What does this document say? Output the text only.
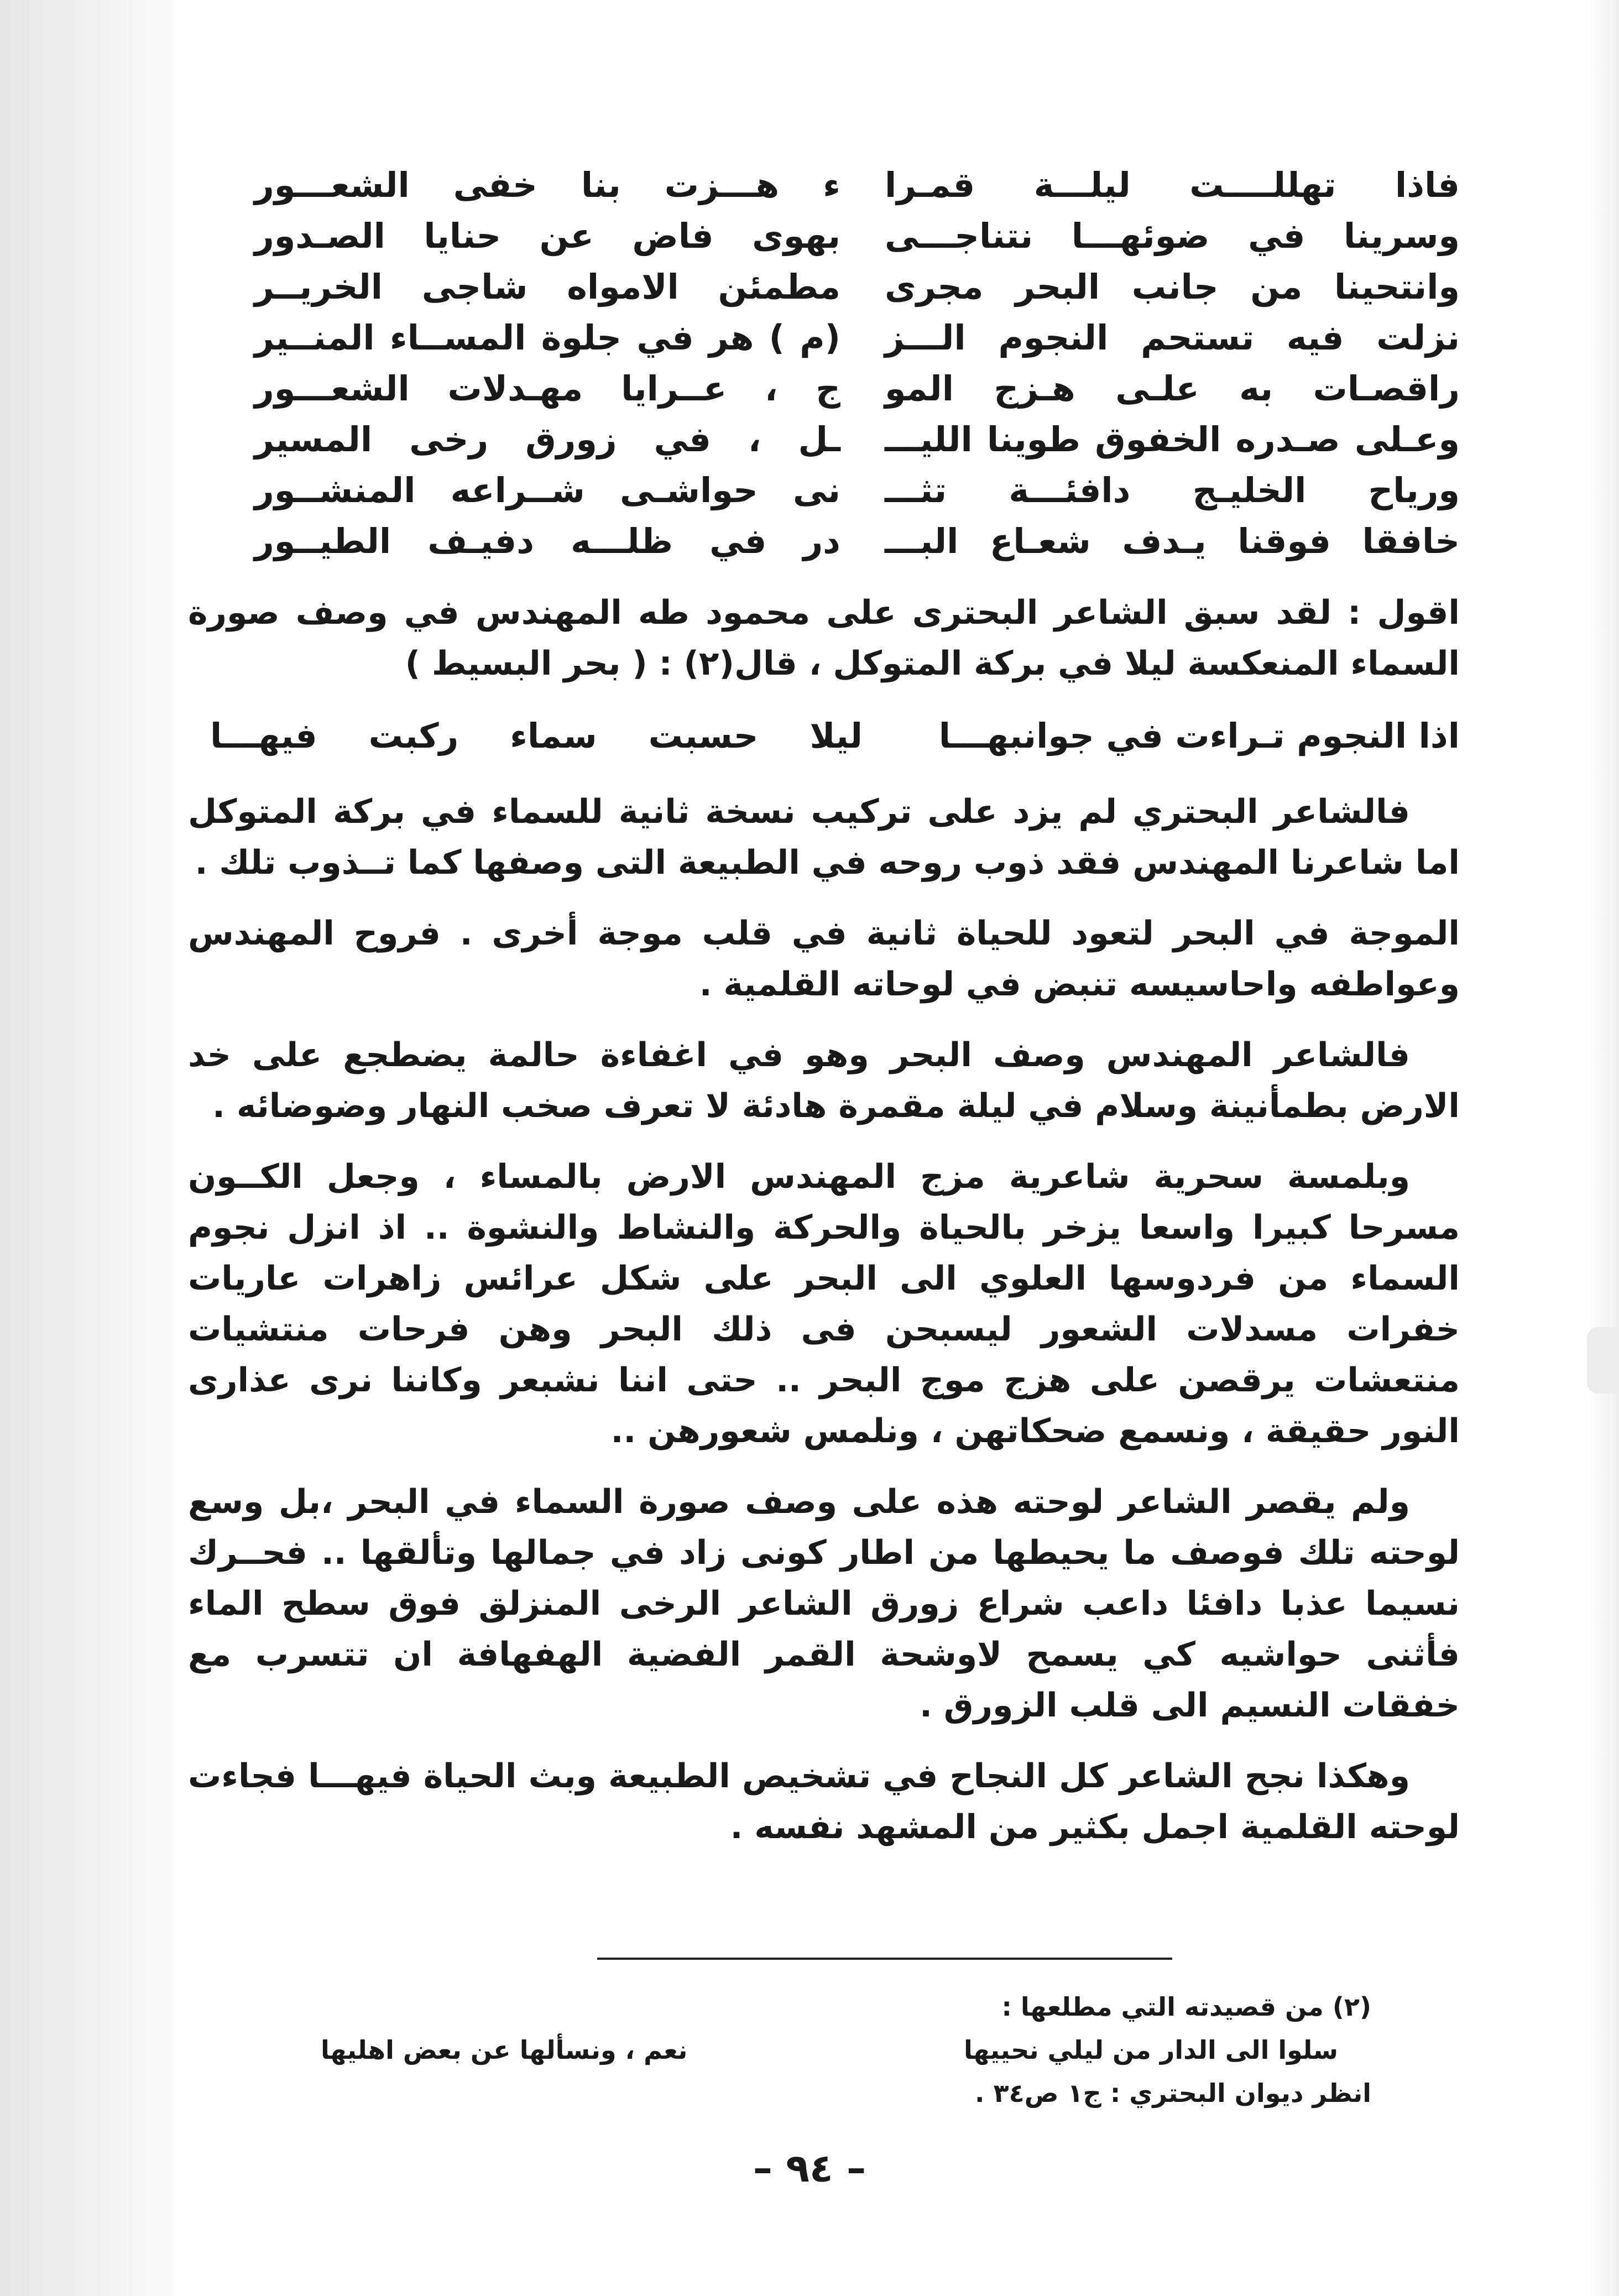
فاذا تهللــــت ليلـــة قمـرا
ء هـــزت بنا خفى الشعـــور
وسرينا في ضوئهـــا نتناجـــى
بهوى فاض عن حنايا الصـدور
وانتحينا من جانب البحر مجرى
مطمئن الامواه شاجى الخريــر
نزلت فيه تستحم النجوم الـــز
(م ) هر في جلوة المســاء المنــير
راقصـات به علـى هـزج المو
ج ، عــرايا مهـدلات الشعـــور
وعـلى صـدره الخفوق طوينا الليـــ
ـل ، في زورق رخى المسير
ورياح الخليـج دافئـــة تثـــ
نى حواشـى شــراعه المنشــور
خافقا فوقنا يـدف شعـاع البـــ
در في ظلـــه دفيـف الطيــور

اقول : لقد سبق الشاعر البحترى على محمود طه المهندس في وصف صورة السماء المنعكسة ليلا في بركة المتوكل ، قال(٢) : ( بحر البسيط )

اذا النجوم تـراءت في جوانبهـــا
ليلا حسبت سماء ركبت فيهـــا

فالشاعر البحتري لم يزد على تركيب نسخة ثانية للسماء في بركة المتوكل اما شاعرنا المهندس فقد ذوب روحه في الطبيعة التى وصفها كما تــذوب تلك .

الموجة في البحر لتعود للحياة ثانية في قلب موجة أخرى . فروح المهندس وعواطفه واحاسيسه تنبض في لوحاته القلمية .

فالشاعر المهندس وصف البحر وهو في اغفاءة حالمة يضطجع على خد الارض بطمأنينة وسلام في ليلة مقمرة هادئة لا تعرف صخب النهار وضوضائه .

وبلمسة سحرية شاعرية مزج المهندس الارض بالمساء ، وجعل الكــون مسرحا كبيرا واسعا يزخر بالحياة والحركة والنشاط والنشوة .. اذ انزل نجوم السماء من فردوسها العلوي الى البحر على شكل عرائس زاهرات عاريات خفرات مسدلات الشعور ليسبحن فى ذلك البحر وهن فرحات منتشيات منتعشات يرقصن على هزج موج البحر .. حتى اننا نشبعر وكاننا نرى عذارى النور حقيقة ، ونسمع ضحكاتهن ، ونلمس شعورهن ..

ولم يقصر الشاعر لوحته هذه على وصف صورة السماء في البحر ،بل وسع لوحته تلك فوصف ما يحيطها من اطار كونى زاد في جمالها وتألقها .. فحــرك نسيما عذبا دافئا داعب شراع زورق الشاعر الرخى المنزلق فوق سطح الماء فأثنى حواشيه كي يسمح لاوشحة القمر الفضية الهفهافة ان تتسرب مع خفقات النسيم الى قلب الزورق .

وهكذا نجح الشاعر كل النجاح في تشخيص الطبيعة وبث الحياة فيهـــا فجاءت لوحته القلمية اجمل بكثير من المشهد نفسه .

(٢) من قصيدته التي مطلعها :
سلوا الى الدار من ليلي نحييها
نعم ، ونسألها عن بعض اهليها
انظر ديوان البحتري : ج١ ص٣٤ .
– ٩٤ –
